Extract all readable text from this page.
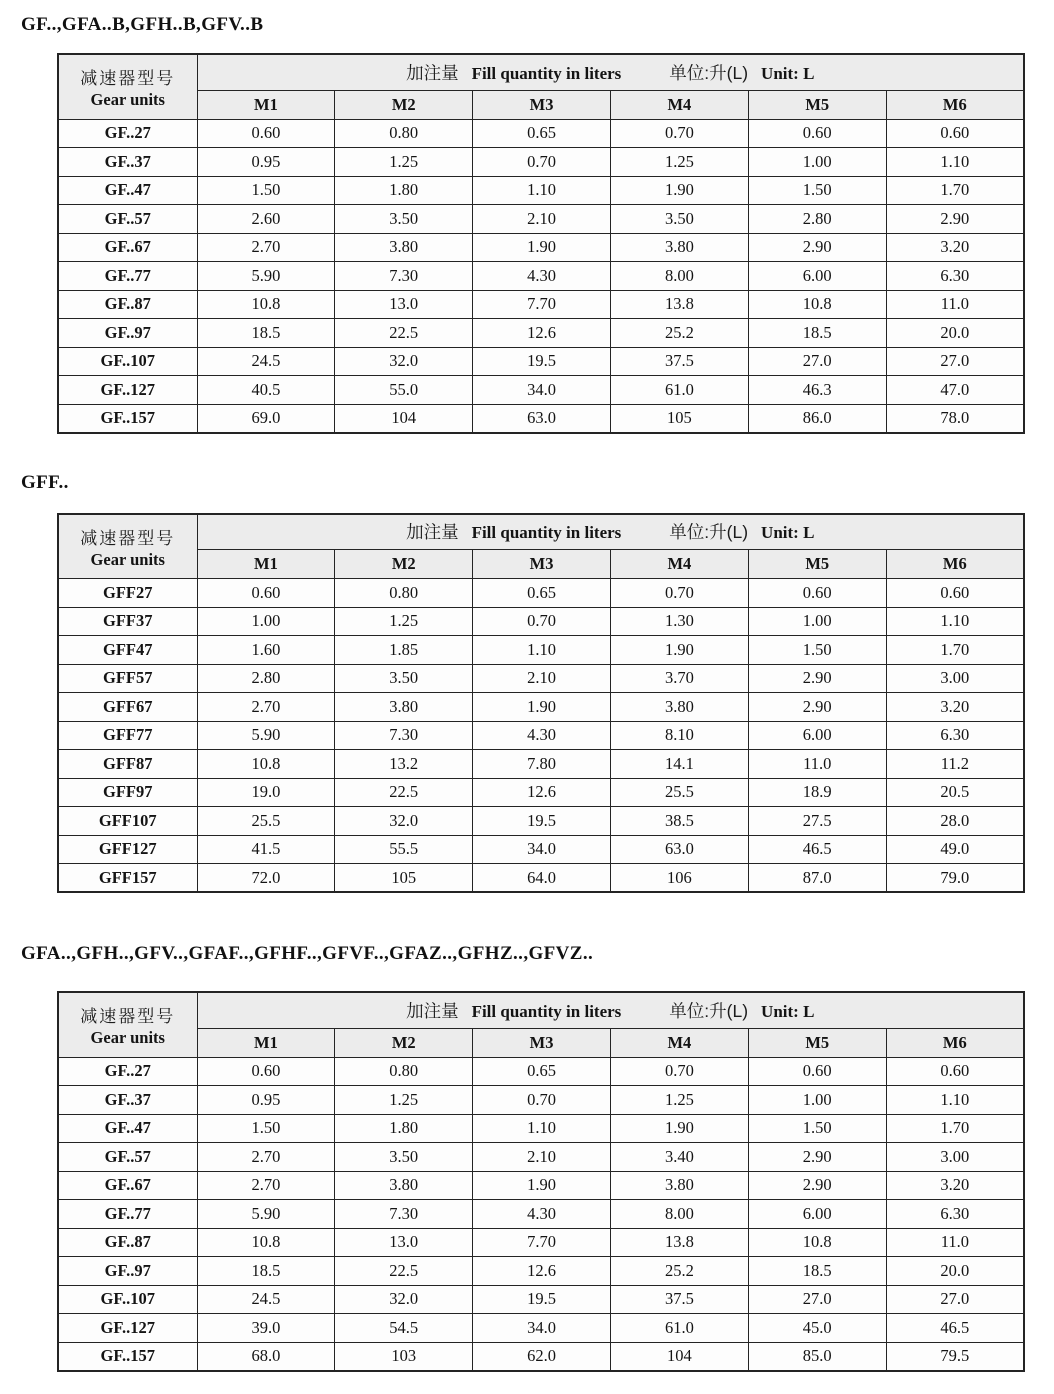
GF..,GFA..B,GFH..B,GFV..B
减速器型号
Gear units	加注量 Fill quantity in liters 单位:升(L) Unit: L					
	M1	M2	M3	M4	M5	M6
GF..27	0.60	0.80	0.65	0.70	0.60	0.60
GF..37	0.95	1.25	0.70	1.25	1.00	1.10
GF..47	1.50	1.80	1.10	1.90	1.50	1.70
GF..57	2.60	3.50	2.10	3.50	2.80	2.90
GF..67	2.70	3.80	1.90	3.80	2.90	3.20
GF..77	5.90	7.30	4.30	8.00	6.00	6.30
GF..87	10.8	13.0	7.70	13.8	10.8	11.0
GF..97	18.5	22.5	12.6	25.2	18.5	20.0
GF..107	24.5	32.0	19.5	37.5	27.0	27.0
GF..127	40.5	55.0	34.0	61.0	46.3	47.0
GF..157	69.0	104	63.0	105	86.0	78.0
GFF..
减速器型号
Gear units	加注量 Fill quantity in liters 单位:升(L) Unit: L					
	M1	M2	M3	M4	M5	M6
GFF27	0.60	0.80	0.65	0.70	0.60	0.60
GFF37	1.00	1.25	0.70	1.30	1.00	1.10
GFF47	1.60	1.85	1.10	1.90	1.50	1.70
GFF57	2.80	3.50	2.10	3.70	2.90	3.00
GFF67	2.70	3.80	1.90	3.80	2.90	3.20
GFF77	5.90	7.30	4.30	8.10	6.00	6.30
GFF87	10.8	13.2	7.80	14.1	11.0	11.2
GFF97	19.0	22.5	12.6	25.5	18.9	20.5
GFF107	25.5	32.0	19.5	38.5	27.5	28.0
GFF127	41.5	55.5	34.0	63.0	46.5	49.0
GFF157	72.0	105	64.0	106	87.0	79.0
GFA..,GFH..,GFV..,GFAF..,GFHF..,GFVF..,GFAZ..,GFHZ..,GFVZ..
减速器型号
Gear units	加注量 Fill quantity in liters 单位:升(L) Unit: L					
	M1	M2	M3	M4	M5	M6
GF..27	0.60	0.80	0.65	0.70	0.60	0.60
GF..37	0.95	1.25	0.70	1.25	1.00	1.10
GF..47	1.50	1.80	1.10	1.90	1.50	1.70
GF..57	2.70	3.50	2.10	3.40	2.90	3.00
GF..67	2.70	3.80	1.90	3.80	2.90	3.20
GF..77	5.90	7.30	4.30	8.00	6.00	6.30
GF..87	10.8	13.0	7.70	13.8	10.8	11.0
GF..97	18.5	22.5	12.6	25.2	18.5	20.0
GF..107	24.5	32.0	19.5	37.5	27.0	27.0
GF..127	39.0	54.5	34.0	61.0	45.0	46.5
GF..157	68.0	103	62.0	104	85.0	79.5
